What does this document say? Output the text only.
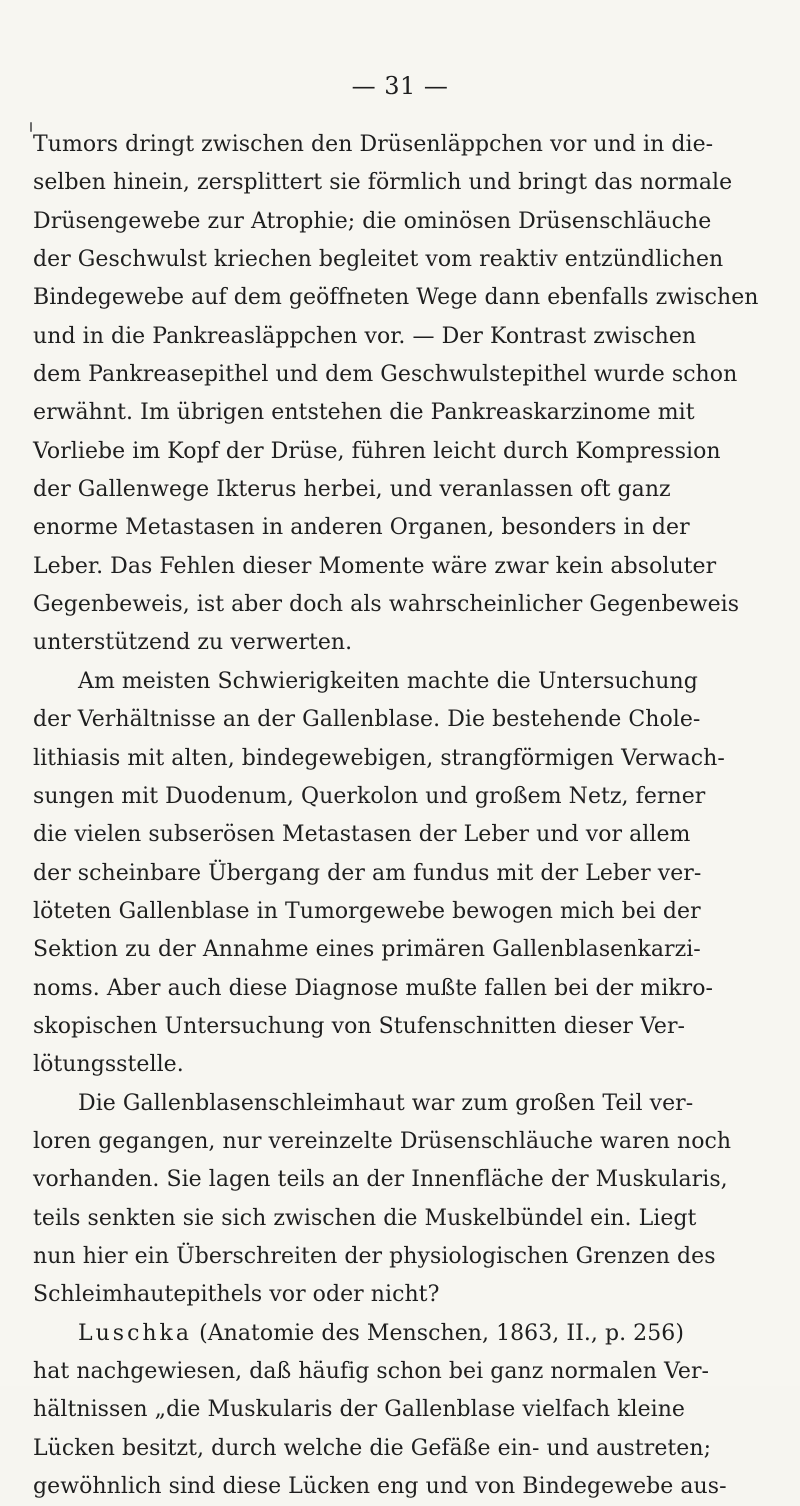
— 31 —
Tumors dringt zwischen den Drüsenläppchen vor und in die-
selben hinein, zersplittert sie förmlich und bringt das normale
Drüsengewebe zur Atrophie; die ominösen Drüsenschläuche
der Geschwulst kriechen begleitet vom reaktiv entzündlichen
Bindegewebe auf dem geöffneten Wege dann ebenfalls zwischen
und in die Pankreasläppchen vor. — Der Kontrast zwischen
dem Pankreasepithel und dem Geschwulstepithel wurde schon
erwähnt. Im übrigen entstehen die Pankreaskarzinome mit
Vorliebe im Kopf der Drüse, führen leicht durch Kompression
der Gallenwege Ikterus herbei, und veranlassen oft ganz
enorme Metastasen in anderen Organen, besonders in der
Leber. Das Fehlen dieser Momente wäre zwar kein absoluter
Gegenbeweis, ist aber doch als wahrscheinlicher Gegenbeweis
unterstützend zu verwerten.
Am meisten Schwierigkeiten machte die Untersuchung
der Verhältnisse an der Gallenblase. Die bestehende Chole-
lithiasis mit alten, bindegewebigen, strangförmigen Verwach-
sungen mit Duodenum, Querkolon und großem Netz, ferner
die vielen subserösen Metastasen der Leber und vor allem
der scheinbare Übergang der am fundus mit der Leber ver-
löteten Gallenblase in Tumorgewebe bewogen mich bei der
Sektion zu der Annahme eines primären Gallenblasenkarzi-
noms. Aber auch diese Diagnose mußte fallen bei der mikro-
skopischen Untersuchung von Stufenschnitten dieser Ver-
lötungsstelle.
Die Gallenblasenschleimhaut war zum großen Teil ver-
loren gegangen, nur vereinzelte Drüsenschläuche waren noch
vorhanden. Sie lagen teils an der Innenfläche der Muskularis,
teils senkten sie sich zwischen die Muskelbündel ein. Liegt
nun hier ein Überschreiten der physiologischen Grenzen des
Schleimhautepithels vor oder nicht?
Luschka (Anatomie des Menschen, 1863, II., p. 256)
hat nachgewiesen, daß häufig schon bei ganz normalen Ver-
hältnissen „die Muskularis der Gallenblase vielfach kleine
Lücken besitzt, durch welche die Gefäße ein- und austreten;
gewöhnlich sind diese Lücken eng und von Bindegewebe aus-
